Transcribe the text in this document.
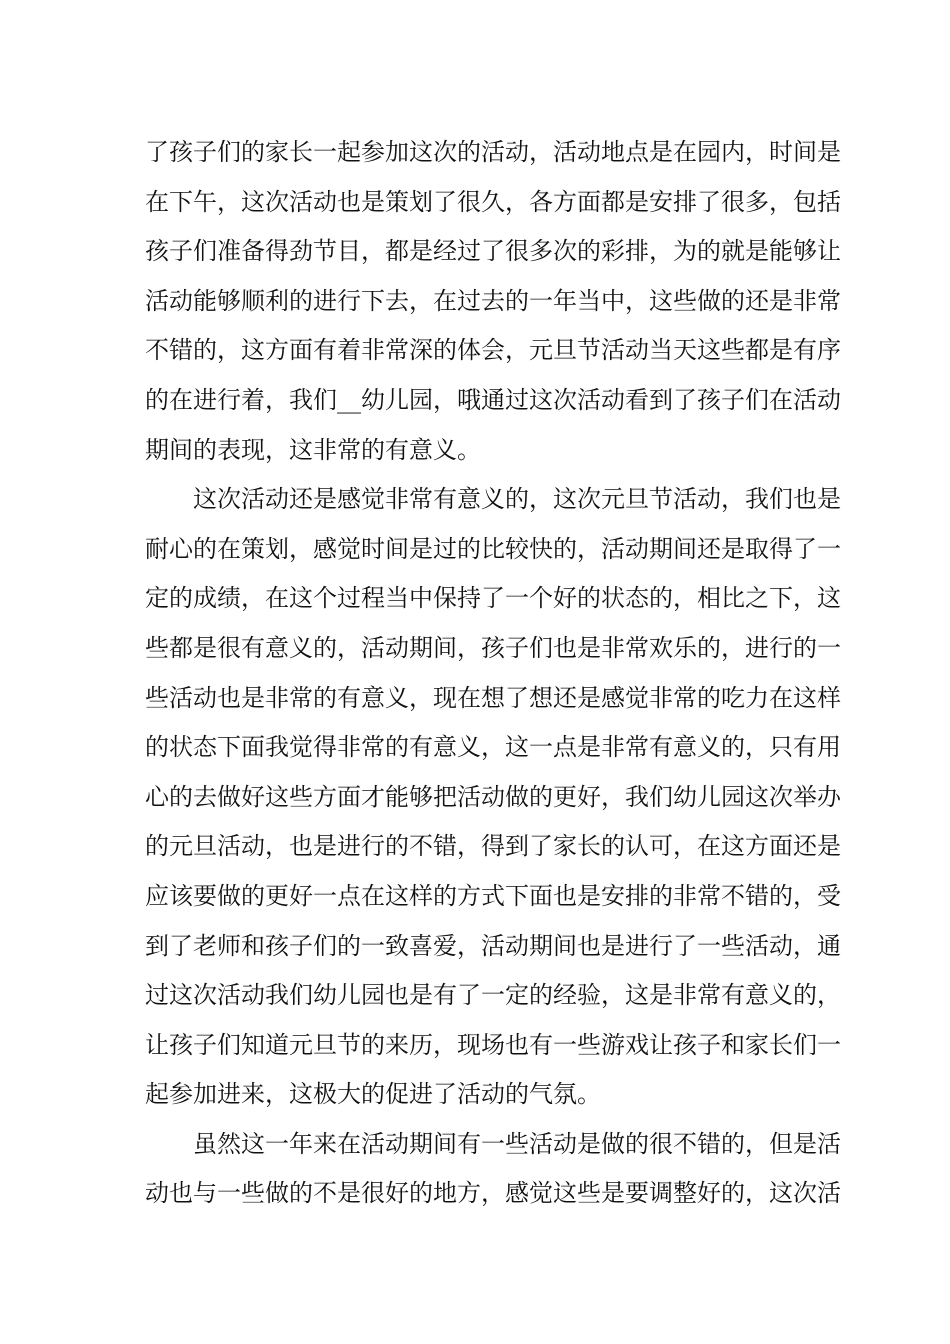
了孩子们的家长一起参加这次的活动，活动地点是在园内，时间是
在下午，这次活动也是策划了很久，各方面都是安排了很多，包括
孩子们准备得劲节目，都是经过了很多次的彩排，为的就是能够让
活动能够顺利的进行下去，在过去的一年当中，这些做的还是非常
不错的，这方面有着非常深的体会，元旦节活动当天这些都是有序
的在进行着，我们__幼儿园，哦通过这次活动看到了孩子们在活动
期间的表现，这非常的有意义。
这次活动还是感觉非常有意义的，这次元旦节活动，我们也是
耐心的在策划，感觉时间是过的比较快的，活动期间还是取得了一
定的成绩，在这个过程当中保持了一个好的状态的，相比之下，这
些都是很有意义的，活动期间，孩子们也是非常欢乐的，进行的一
些活动也是非常的有意义，现在想了想还是感觉非常的吃力在这样
的状态下面我觉得非常的有意义，这一点是非常有意义的，只有用
心的去做好这些方面才能够把活动做的更好，我们幼儿园这次举办
的元旦活动，也是进行的不错，得到了家长的认可，在这方面还是
应该要做的更好一点在这样的方式下面也是安排的非常不错的，受
到了老师和孩子们的一致喜爱，活动期间也是进行了一些活动，通
过这次活动我们幼儿园也是有了一定的经验，这是非常有意义的，
让孩子们知道元旦节的来历，现场也有一些游戏让孩子和家长们一
起参加进来，这极大的促进了活动的气氛。
虽然这一年来在活动期间有一些活动是做的很不错的，但是活
动也与一些做的不是很好的地方，感觉这些是要调整好的，这次活
